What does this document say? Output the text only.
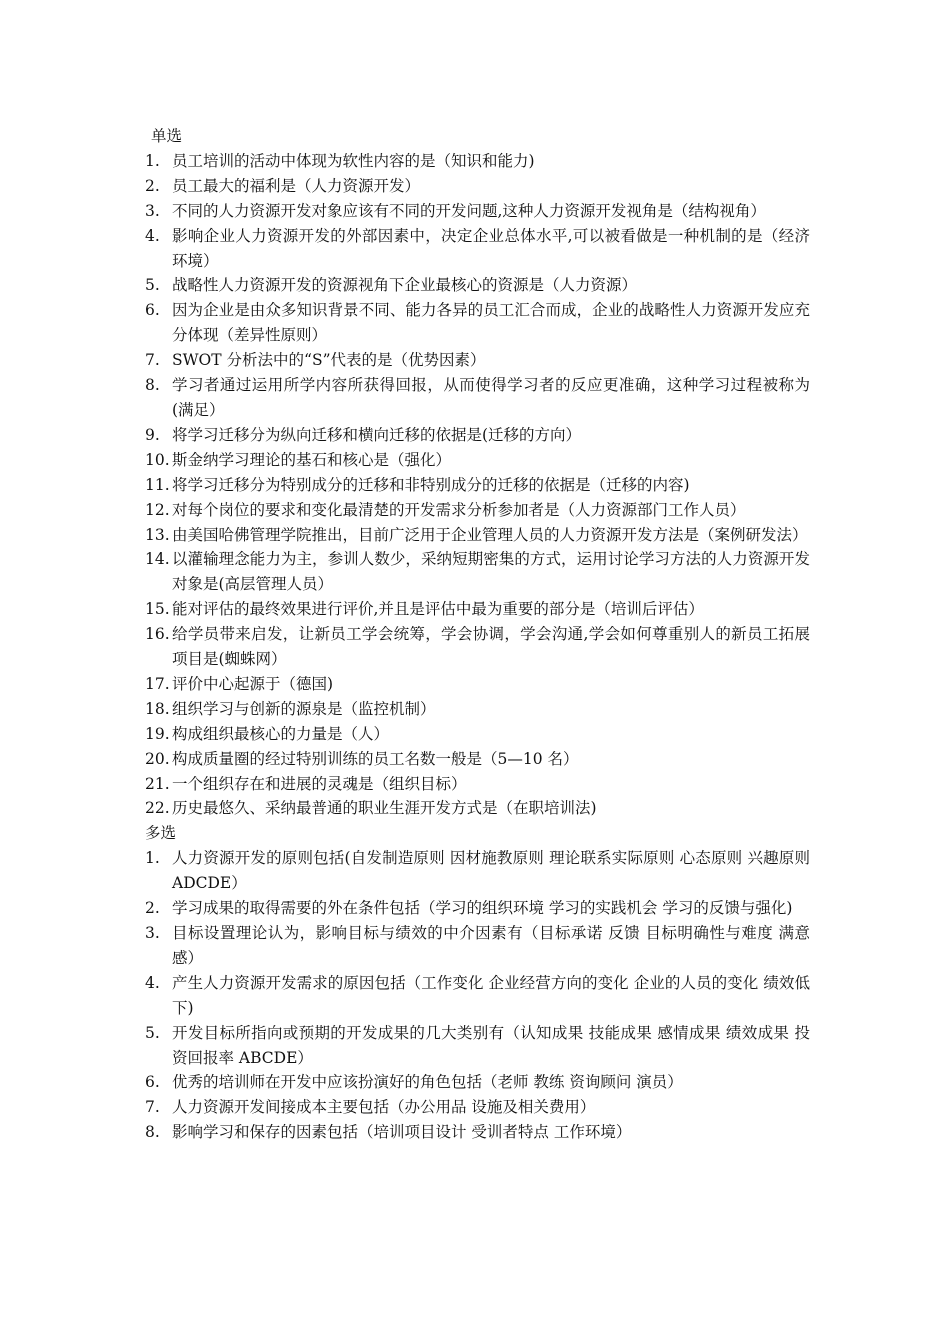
单选
1. 员工培训的活动中体现为软性内容的是（知识和能力)
2. 员工最大的福利是（人力资源开发）
3. 不同的人力资源开发对象应该有不同的开发问题,这种人力资源开发视角是（结构视角）
4. 影响企业人力资源开发的外部因素中，决定企业总体水平,可以被看做是一种机制的是（经济环境）
5. 战略性人力资源开发的资源视角下企业最核心的资源是（人力资源）
6. 因为企业是由众多知识背景不同、能力各异的员工汇合而成，企业的战略性人力资源开发应充分体现（差异性原则）
7. SWOT 分析法中的“S”代表的是（优势因素）
8. 学习者通过运用所学内容所获得回报，从而使得学习者的反应更准确，这种学习过程被称为(满足）
9. 将学习迁移分为纵向迁移和横向迁移的依据是(迁移的方向）
10. 斯金纳学习理论的基石和核心是（强化）
11. 将学习迁移分为特别成分的迁移和非特别成分的迁移的依据是（迁移的内容)
12. 对每个岗位的要求和变化最清楚的开发需求分析参加者是（人力资源部门工作人员）
13. 由美国哈佛管理学院推出，目前广泛用于企业管理人员的人力资源开发方法是（案例研发法）
14. 以灌输理念能力为主，参训人数少，采纳短期密集的方式，运用讨论学习方法的人力资源开发对象是(高层管理人员）
15. 能对评估的最终效果进行评价,并且是评估中最为重要的部分是（培训后评估）
16. 给学员带来启发，让新员工学会统筹，学会协调，学会沟通,学会如何尊重别人的新员工拓展项目是(蜘蛛网）
17. 评价中心起源于（德国)
18. 组织学习与创新的源泉是（监控机制）
19. 构成组织最核心的力量是（人）
20. 构成质量圈的经过特别训练的员工名数一般是（5—10 名）
21. 一个组织存在和进展的灵魂是（组织目标）
22. 历史最悠久、采纳最普通的职业生涯开发方式是（在职培训法)
多选
1. 人力资源开发的原则包括(自发制造原则 因材施教原则 理论联系实际原则 心态原则 兴趣原则 ADCDE）
2. 学习成果的取得需要的外在条件包括（学习的组织环境 学习的实践机会 学习的反馈与强化)
3. 目标设置理论认为，影响目标与绩效的中介因素有（目标承诺 反馈 目标明确性与难度 满意感）
4. 产生人力资源开发需求的原因包括（工作变化 企业经营方向的变化 企业的人员的变化 绩效低下)
5. 开发目标所指向或预期的开发成果的几大类别有（认知成果 技能成果 感情成果 绩效成果 投资回报率 ABCDE）
6. 优秀的培训师在开发中应该扮演好的角色包括（老师 教练 资询顾问 演员）
7. 人力资源开发间接成本主要包括（办公用品 设施及相关费用）
8. 影响学习和保存的因素包括（培训项目设计 受训者特点 工作环境）
